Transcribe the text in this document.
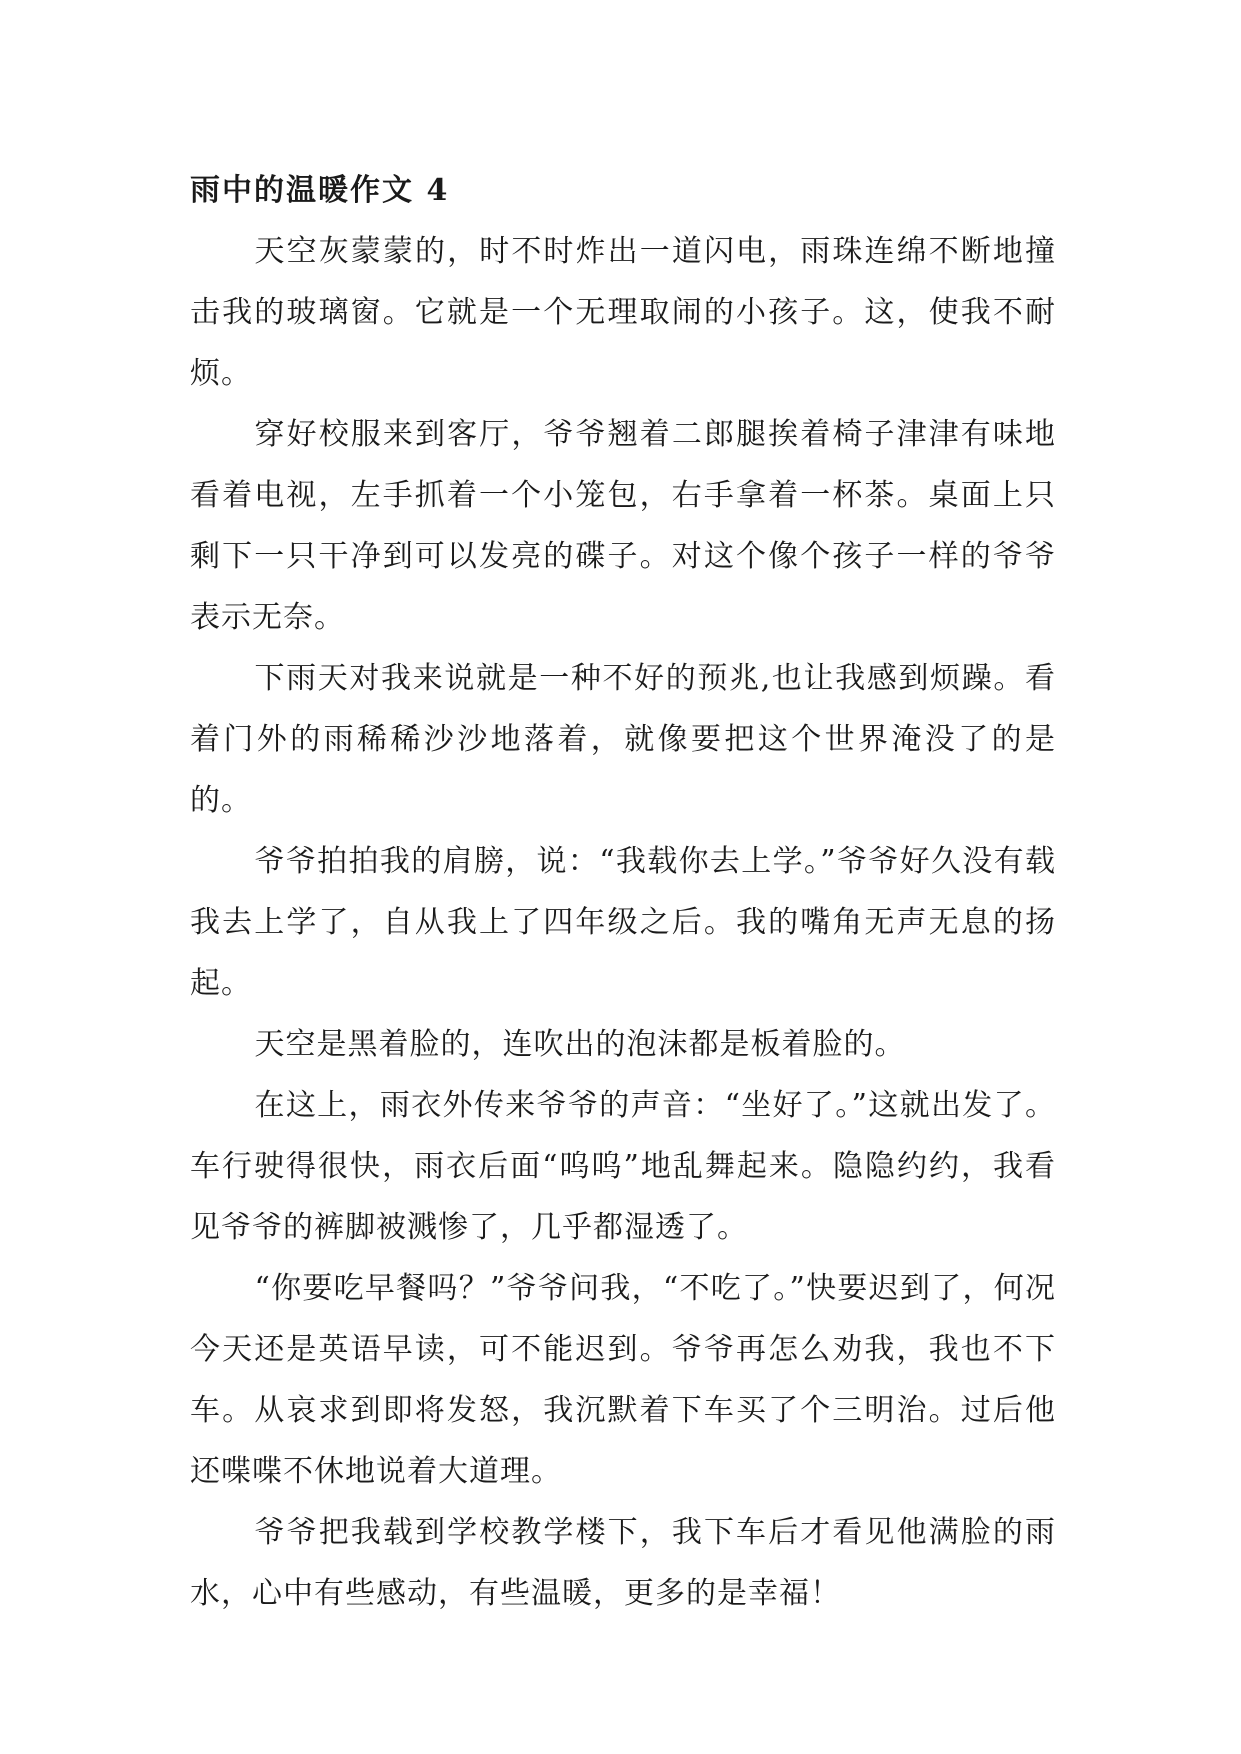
雨中的温暖作文 4

天空灰蒙蒙的，时不时炸出一道闪电，雨珠连绵不断地撞击我的玻璃窗。它就是一个无理取闹的小孩子。这，使我不耐烦。

穿好校服来到客厅，爷爷翘着二郎腿挨着椅子津津有味地看着电视，左手抓着一个小笼包，右手拿着一杯茶。桌面上只剩下一只干净到可以发亮的碟子。对这个像个孩子一样的爷爷表示无奈。

下雨天对我来说就是一种不好的预兆,也让我感到烦躁。看着门外的雨稀稀沙沙地落着，就像要把这个世界淹没了的是的。

爷爷拍拍我的肩膀，说：“我载你去上学。”爷爷好久没有载我去上学了，自从我上了四年级之后。我的嘴角无声无息的扬起。

天空是黑着脸的，连吹出的泡沫都是板着脸的。

在这上，雨衣外传来爷爷的声音：“坐好了。”这就出发了。车行驶得很快，雨衣后面“呜呜”地乱舞起来。隐隐约约，我看见爷爷的裤脚被溅惨了，几乎都湿透了。

“你要吃早餐吗？”爷爷问我，“不吃了。”快要迟到了，何况今天还是英语早读，可不能迟到。爷爷再怎么劝我，我也不下车。从哀求到即将发怒，我沉默着下车买了个三明治。过后他还喋喋不休地说着大道理。

爷爷把我载到学校教学楼下，我下车后才看见他满脸的雨水，心中有些感动，有些温暖，更多的是幸福！
